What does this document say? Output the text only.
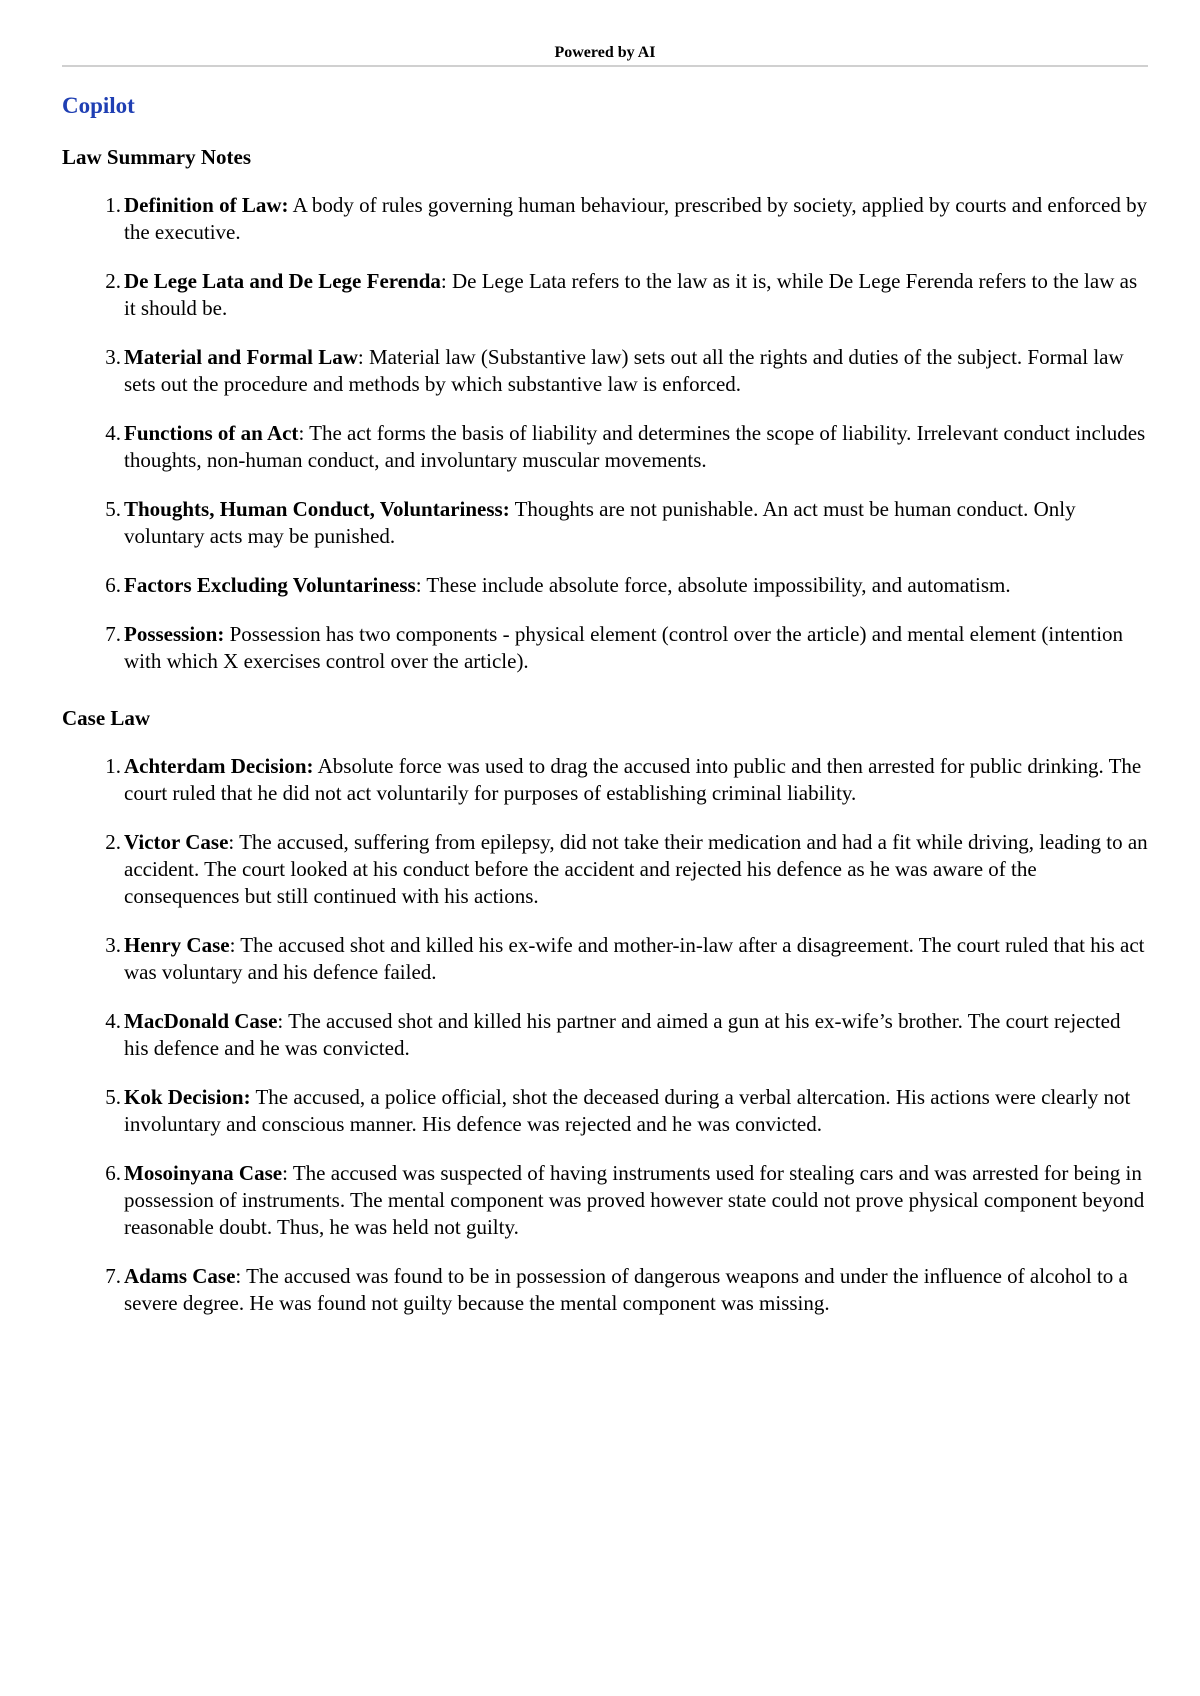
Powered by AI
Copilot
Law Summary Notes
1. Definition of Law: A body of rules governing human behaviour, prescribed by society, applied by courts and enforced by the executive.
2. De Lege Lata and De Lege Ferenda: De Lege Lata refers to the law as it is, while De Lege Ferenda refers to the law as it should be.
3. Material and Formal Law: Material law (Substantive law) sets out all the rights and duties of the subject. Formal law sets out the procedure and methods by which substantive law is enforced.
4. Functions of an Act: The act forms the basis of liability and determines the scope of liability. Irrelevant conduct includes thoughts, non-human conduct, and involuntary muscular movements.
5. Thoughts, Human Conduct, Voluntariness: Thoughts are not punishable. An act must be human conduct. Only voluntary acts may be punished.
6. Factors Excluding Voluntariness: These include absolute force, absolute impossibility, and automatism.
7. Possession: Possession has two components - physical element (control over the article) and mental element (intention with which X exercises control over the article).
Case Law
1. Achterdam Decision: Absolute force was used to drag the accused into public and then arrested for public drinking. The court ruled that he did not act voluntarily for purposes of establishing criminal liability.
2. Victor Case: The accused, suffering from epilepsy, did not take their medication and had a fit while driving, leading to an accident. The court looked at his conduct before the accident and rejected his defence as he was aware of the consequences but still continued with his actions.
3. Henry Case: The accused shot and killed his ex-wife and mother-in-law after a disagreement. The court ruled that his act was voluntary and his defence failed.
4. MacDonald Case: The accused shot and killed his partner and aimed a gun at his ex-wife’s brother. The court rejected his defence and he was convicted.
5. Kok Decision: The accused, a police official, shot the deceased during a verbal altercation. His actions were clearly not involuntary and conscious manner. His defence was rejected and he was convicted.
6. Mosoinyana Case: The accused was suspected of having instruments used for stealing cars and was arrested for being in possession of instruments. The mental component was proved however state could not prove physical component beyond reasonable doubt. Thus, he was held not guilty.
7. Adams Case: The accused was found to be in possession of dangerous weapons and under the influence of alcohol to a severe degree. He was found not guilty because the mental component was missing.
